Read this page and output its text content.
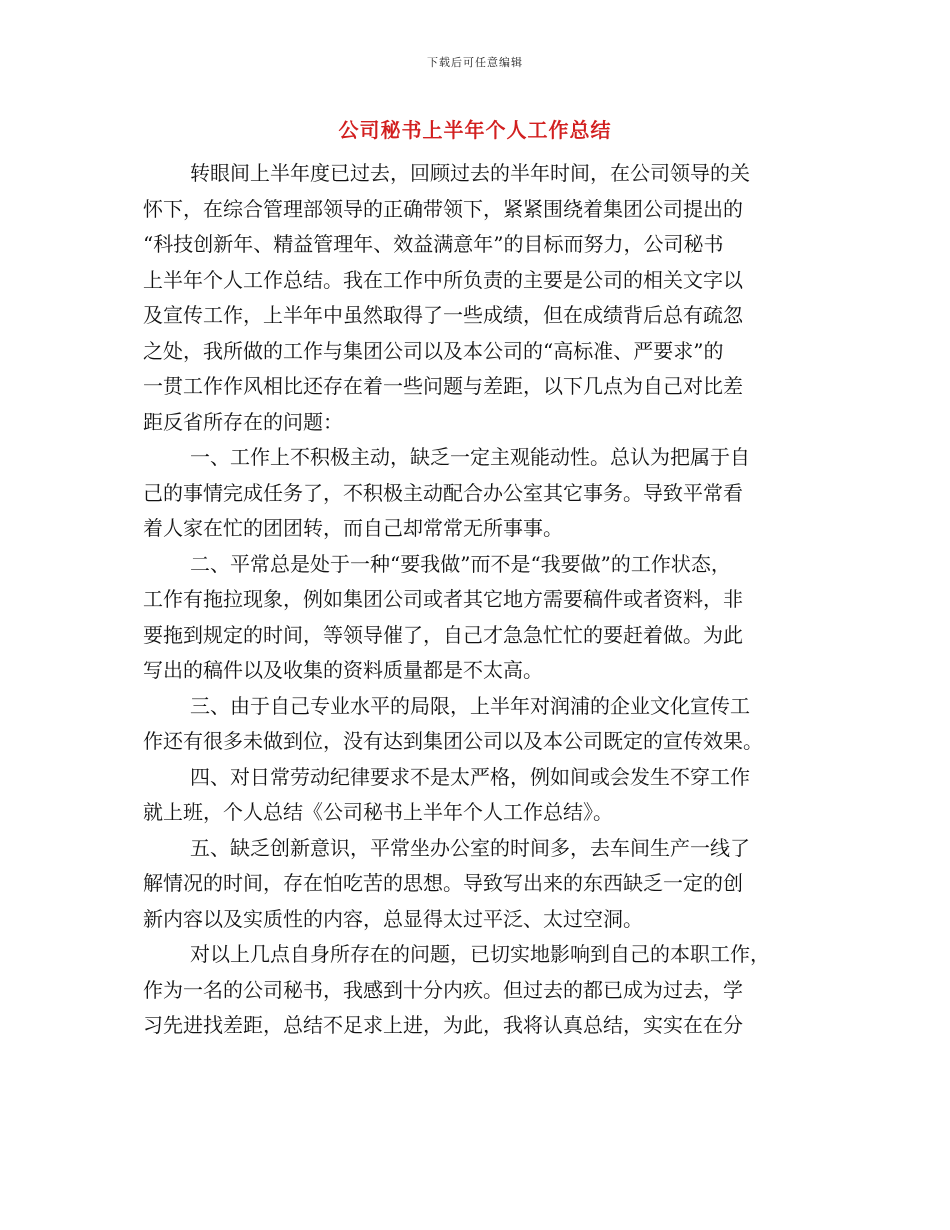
下载后可任意编辑
公司秘书上半年个人工作总结
转眼间上半年度已过去，回顾过去的半年时间，在公司领导的关
怀下，在综合管理部领导的正确带领下，紧紧围绕着集团公司提出的
“科技创新年、精益管理年、效益满意年”的目标而努力，公司秘书
上半年个人工作总结。我在工作中所负责的主要是公司的相关文字以
及宣传工作，上半年中虽然取得了一些成绩，但在成绩背后总有疏忽
之处，我所做的工作与集团公司以及本公司的“高标准、严要求”的
一贯工作作风相比还存在着一些问题与差距，以下几点为自己对比差
距反省所存在的问题：
一、工作上不积极主动，缺乏一定主观能动性。总认为把属于自
己的事情完成任务了，不积极主动配合办公室其它事务。导致平常看
着人家在忙的团团转，而自己却常常无所事事。
二、平常总是处于一种“要我做”而不是“我要做”的工作状态，
工作有拖拉现象，例如集团公司或者其它地方需要稿件或者资料，非
要拖到规定的时间，等领导催了，自己才急急忙忙的要赶着做。为此
写出的稿件以及收集的资料质量都是不太高。
三、由于自己专业水平的局限，上半年对润浦的企业文化宣传工
作还有很多未做到位，没有达到集团公司以及本公司既定的宣传效果。
四、对日常劳动纪律要求不是太严格，例如间或会发生不穿工作
就上班，个人总结《公司秘书上半年个人工作总结》。
五、缺乏创新意识，平常坐办公室的时间多，去车间生产一线了
解情况的时间，存在怕吃苦的思想。导致写出来的东西缺乏一定的创
新内容以及实质性的内容，总显得太过平泛、太过空洞。
对以上几点自身所存在的问题，已切实地影响到自己的本职工作，
作为一名的公司秘书，我感到十分内疚。但过去的都已成为过去，学
习先进找差距，总结不足求上进，为此，我将认真总结，实实在在分
